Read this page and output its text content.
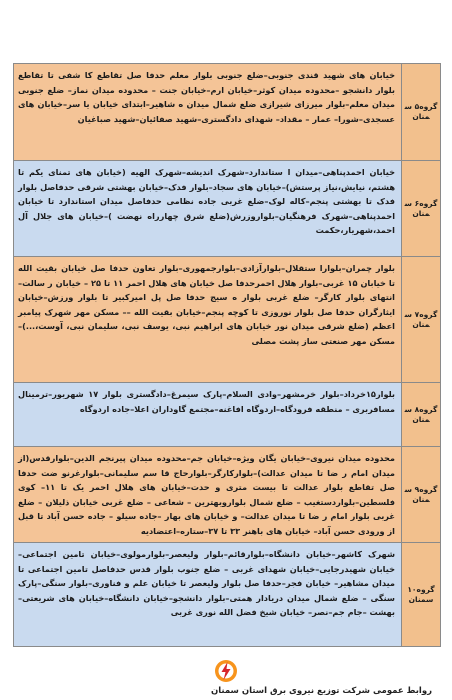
گروه۵ سمنان
خیابان های شهید قندی جنوبی–ضلع جنوبی بلوار معلم حدفا صل تقاطع کا شفی تا تقاطع بلوار دانشجو –محدوده میدان کوثر–خیابان ارم–خیابان جنت – محدوده میدان نماز– ضلع جنوبی میدان معلم–بلوار میرزای شیرازی ضلع شمال میدان ه شاهیر–ابتدای خیابان یا سر–خیابان های عسجدی–شورا– عمار – مقداد– شهدای دادگستری–شهید صفائیان–شهید صباغیان
گروه۶ سمنان
خیابان احمدپناهی–میدان ا ستاندارد–شهرک اندیشه–شهرک الهیه (خیابان های تمنای یکم تا هشتم، نیایش،نیاز پرستش)–خیابان های سجاد–بلوار فدک–خیابان بهشتی شرقی حدفاصل بلوار فدک تا بهشتی پنجم–کاله لوک–ضلع غربی جاده نظامی حدفاصل میدان استاندارد تا خیابان احمدپناهی–شهرک فرهنگیان–بلواروزرش(ضلع شرق چهارراه نهضت )–خیابان های جلال آل احمد،شهریار،حکمت
گروه۷ سمنان
بلوار چمران–بلوارا ستقلال–بلوارآزادی–بلوارجمهوری–بلوار تعاون حدفا صل خیابان بقیت الله تا خیابان ۱۵ غربی–بلوار هلال احمرحدفا صل خیابان های هلال احمر ۱۱ تا ۲۵ – خیابان ر سالت– انتهای بلوار کارگر– ضلع غربی بلوار ه سیج حدفا صل پل امیرکبیر تا بلوار ورزش–خیابان ایثارگران حدفا صل بلوار نوروزی تا کوچه پنجم–خیابان بقیت الله –– مسکن مهر شهرک پیامبر اعظم (ضلع شرقی میدان نور خیابان های ابراهیم نبی، یوسف نبی، سلیمان نبی، آوست،...)– مسکن مهر صنعتی ساز پشت مصلی
گروه۸ سمنان
بلوار۱۵خرداد–بلوار خرمشهر–وادی السلام–پارک سیمرغ–دادگستری بلوار ۱۷ شهریور–ترمینال مسافربری – منطقه فرودگاه–اردوگاه افاغنه–مجتمع گاوداران اعلا–جاده اردوگاه
گروه۹ سمنان
محدوده میدان نیروی–خیابان یگان ویژه–خیابان جم–محدوده میدان پیرنجم الدین–بلوارقدس(از میدان امام ر ضا تا میدان عدالت)–بلوارکارگر–بلوارحاج قا سم سلیمانی–بلوارغرنو ضت حدفا صل تقاطع بلوار عدالت تا بیست متری و حدت–خیابان های هلال احمر یک تا ۱۱– کوی فلسطین–بلواردستغیب – ضلع شمال بلواروبهترین – شعاعی – ضلع غربی خیابان ذلیلان – ضلع غربی بلوار امام ر ضا تا میدان عدالت– و خیابان های بهار –جاده سیلو – جاده حسن آباد تا قبل از ورودی حسن آباد– خیابان های باهنر ۳۳ تا ۳۷–ستاره–اعتضادیه
گروه۱۰ سمنان
شهرک کاشهر–خیابان دانشگاه–بلوارقائم–بلوار ولیعصر–بلوارمولوی–خیابان تامین اجتماعی–خیابان شهیدرجایی–خیابان شهدای غربی – ضلع جنوب بلوار قدس حدفاصل تامین اجتماعی تا میدان مشاهیر– خیابان فجر–حدفا صل بلوار ولیعصر تا خیابان علم و فناوری–بلوار سنگی–پارک سنگی – ضلع شمال میدان دریادار همتی–بلوار دانشجو–خیابان دانشگاه–خیابان های شریعتی–بهشت –جام جم–نصر– خیابان شیخ فضل الله نوری غربی
روابط عمومی شرکت توزیع نیروی برق استان سمنان
